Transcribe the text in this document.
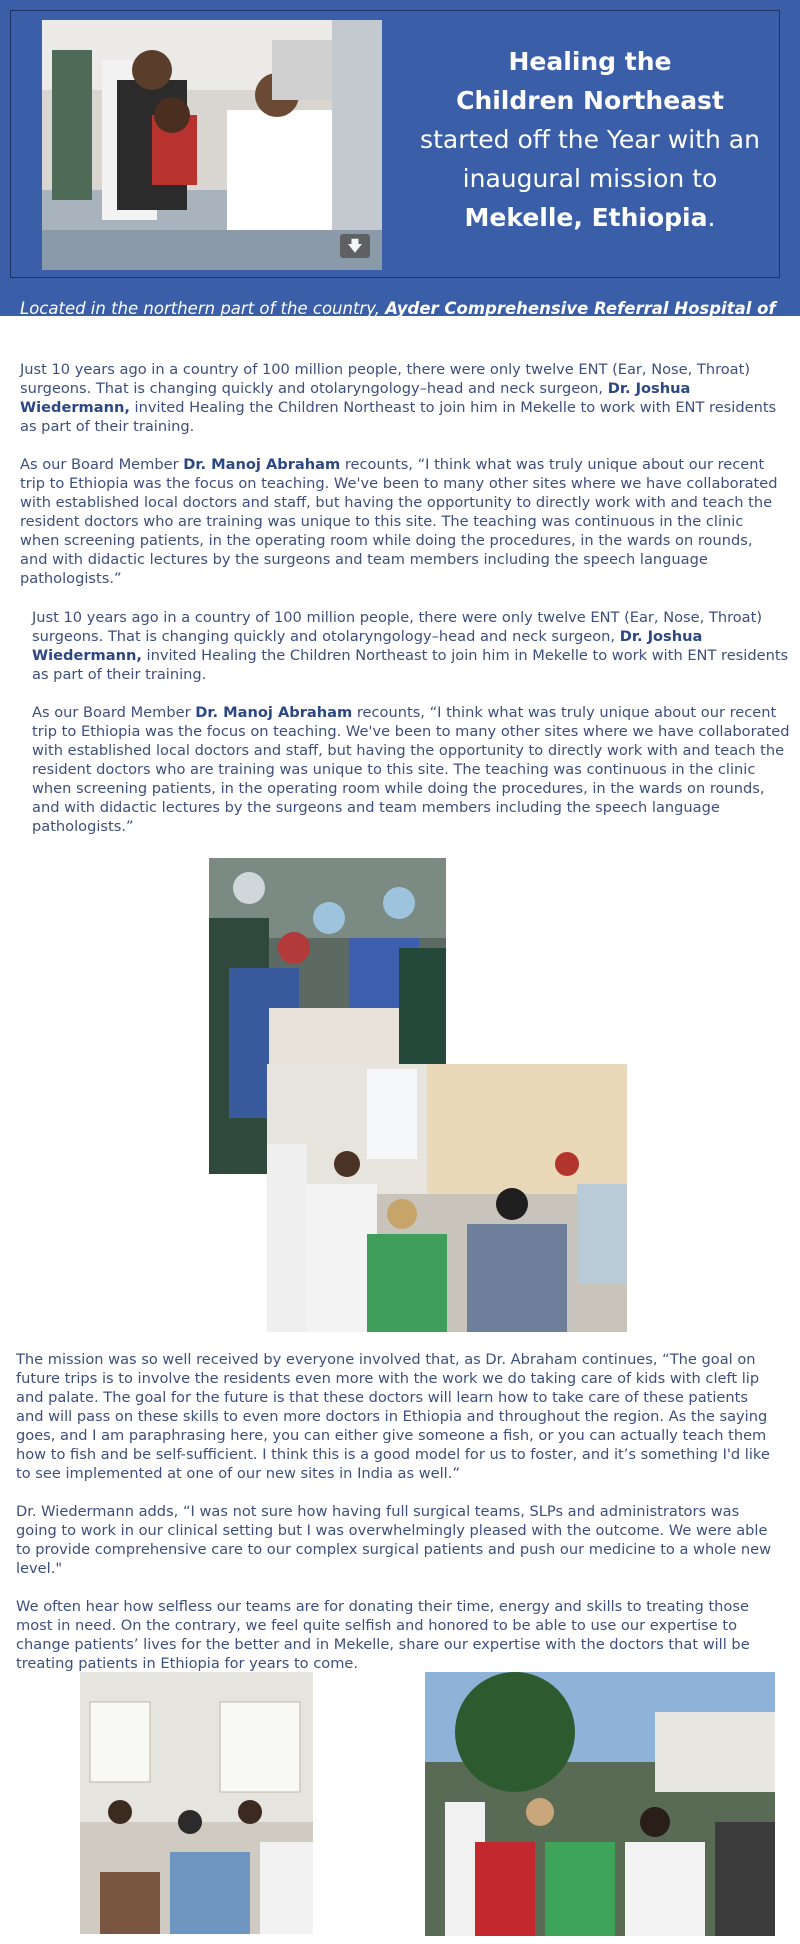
🡇
Healing the
Children Northeast
started off the Year with an
inaugural mission to
Mekelle, Ethiopia.
Located in the northern part of the country, Ayder Comprehensive Referral Hospital of Mekelle University is building an otolaryngology residency program in their medical school.

Just 10 years ago in a country of 100 million people, there were only twelve ENT (Ear, Nose, Throat) surgeons. That is changing quickly and otolaryngology–head and neck surgeon, Dr. Joshua Wiedermann, invited Healing the Children Northeast to join him in Mekelle to work with ENT residents as part of their training.

As our Board Member Dr. Manoj Abraham recounts, “I think what was truly unique about our recent trip to Ethiopia was the focus on teaching. We've been to many other sites where we have collaborated with established local doctors and staff, but having the opportunity to directly work with and teach the resident doctors who are training was unique to this site. The teaching was continuous in the clinic when screening patients, in the operating room while doing the procedures, in the wards on rounds, and with didactic lectures by the surgeons and team members including the speech language pathologists.”

Just 10 years ago in a country of 100 million people, there were only twelve ENT (Ear, Nose, Throat) surgeons. That is changing quickly and otolaryngology–head and neck surgeon, Dr. Joshua Wiedermann, invited Healing the Children Northeast to join him in Mekelle to work with ENT residents as part of their training.

As our Board Member Dr. Manoj Abraham recounts, “I think what was truly unique about our recent trip to Ethiopia was the focus on teaching. We've been to many other sites where we have collaborated with established local doctors and staff, but having the opportunity to directly work with and teach the resident doctors who are training was unique to this site. The teaching was continuous in the clinic when screening patients, in the operating room while doing the procedures, in the wards on rounds, and with didactic lectures by the surgeons and team members including the speech language pathologists.”

The mission was so well received by everyone involved that, as Dr. Abraham continues, “The goal on future trips is to involve the residents even more with the work we do taking care of kids with cleft lip and palate. The goal for the future is that these doctors will learn how to take care of these patients and will pass on these skills to even more doctors in Ethiopia and throughout the region. As the saying goes, and I am paraphrasing here, you can either give someone a fish, or you can actually teach them how to fish and be self-sufficient. I think this is a good model for us to foster, and it’s something I'd like to see implemented at one of our new sites in India as well.”

Dr. Wiedermann adds, “I was not sure how having full surgical teams, SLPs and administrators was going to work in our clinical setting but I was overwhelmingly pleased with the outcome. We were able to provide comprehensive care to our complex surgical patients and push our medicine to a whole new level."

We often hear how selfless our teams are for donating their time, energy and skills to treating those most in need. On the contrary, we feel quite selfish and honored to be able to use our expertise to change patients’ lives for the better and in Mekelle, share our expertise with the doctors that will be treating patients in Ethiopia for years to come.
